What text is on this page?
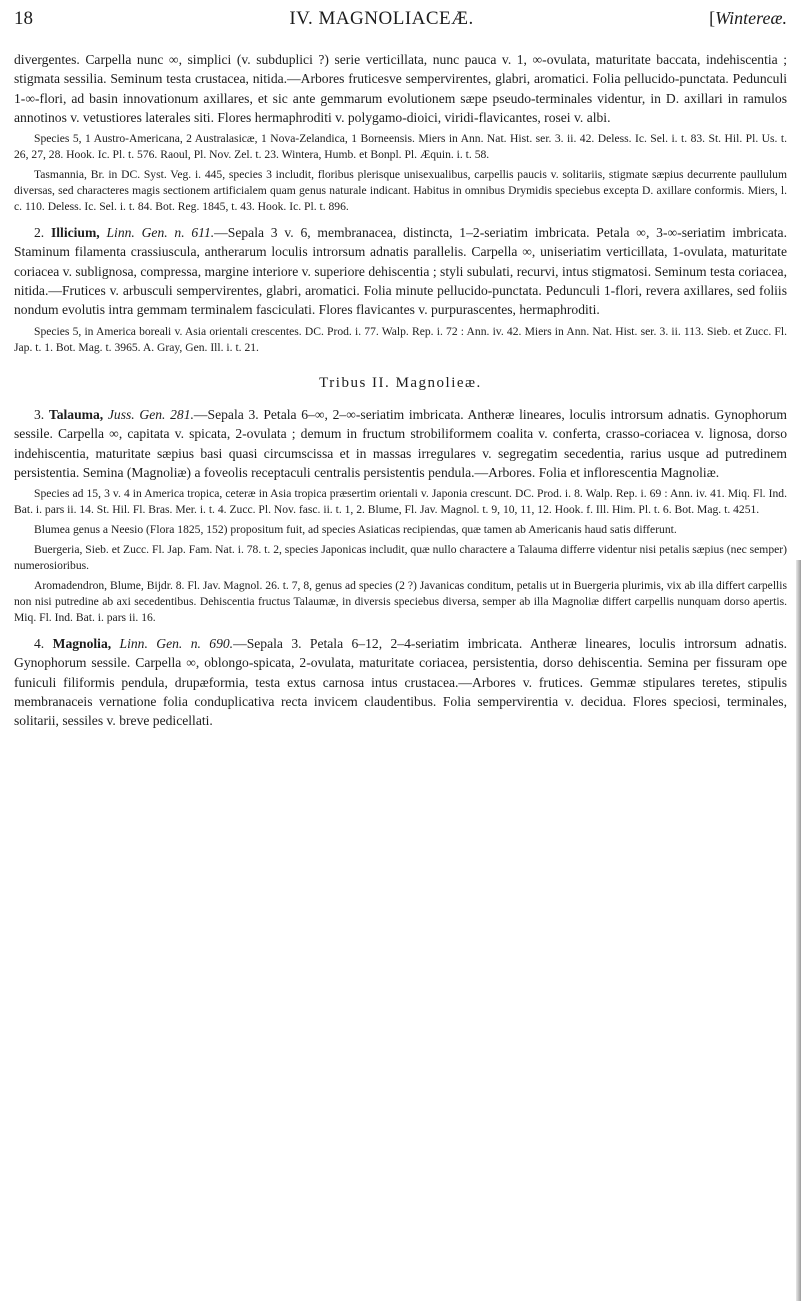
18	IV. MAGNOLIACEÆ.	[Wintereæ.

divergentes. Carpella nunc ∞, simplici (v. subduplici ?) serie verticillata, nunc pauca v. 1, ∞-ovulata, maturitate baccata, indehiscentia ; stigmata sessilia. Seminum testa crustacea, nitida.—Arbores fruticesve sempervirentes, glabri, aromatici. Folia pellucido-punctata. Pedunculi 1-∞-flori, ad basin innovationum axillares, et sic ante gemmarum evolutionem sæpe pseudo-terminales videntur, in D. axillari in ramulos annotinos v. vetustiores laterales siti. Flores hermaphroditi v. polygamo-dioici, viridi-flavicantes, rosei v. albi.

Species 5, 1 Austro-Americana, 2 Australasicæ, 1 Nova-Zelandica, 1 Borneensis. Miers in Ann. Nat. Hist. ser. 3. ii. 42. Deless. Ic. Sel. i. t. 83. St. Hil. Pl. Us. t. 26, 27, 28. Hook. Ic. Pl. t. 576. Raoul, Pl. Nov. Zel. t. 23. Wintera, Humb. et Bonpl. Pl. Æquin. i. t. 58.

Tasmannia, Br. in DC. Syst. Veg. i. 445, species 3 includit, floribus plerisque unisexualibus, carpellis paucis v. solitariis, stigmate sæpius decurrente paullulum diversas, sed characteres magis sectionem artificialem quam genus naturale indicant. Habitus in omnibus Drymidis speciebus excepta D. axillare conformis. Miers, l. c. 110. Deless. Ic. Sel. i. t. 84. Bot. Reg. 1845, t. 43. Hook. Ic. Pl. t. 896.

2. Illicium, Linn. Gen. n. 611.—Sepala 3 v. 6, membranacea, distincta, 1–2-seriatim imbricata. Petala ∞, 3-∞-seriatim imbricata. Staminum filamenta crassiuscula, antherarum loculis introrsum adnatis parallelis. Carpella ∞, uniseriatim verticillata, 1-ovulata, maturitate coriacea v. sublignosa, compressa, margine interiore v. superiore dehiscentia ; styli subulati, recurvi, intus stigmatosi. Seminum testa coriacea, nitida.—Frutices v. arbusculi sempervirentes, glabri, aromatici. Folia minute pellucido-punctata. Pedunculi 1-flori, revera axillares, sed foliis nondum evolutis intra gemmam terminalem fasciculati. Flores flavicantes v. purpurascentes, hermaphroditi.

Species 5, in America boreali v. Asia orientali crescentes. DC. Prod. i. 77. Walp. Rep. i. 72 : Ann. iv. 42. Miers in Ann. Nat. Hist. ser. 3. ii. 113. Sieb. et Zucc. Fl. Jap. t. 1. Bot. Mag. t. 3965. A. Gray, Gen. Ill. i. t. 21.

Tribus II. Magnolieæ.

3. Talauma, Juss. Gen. 281.—Sepala 3. Petala 6–∞, 2–∞-seriatim imbricata. Antheræ lineares, loculis introrsum adnatis. Gynophorum sessile. Carpella ∞, capitata v. spicata, 2-ovulata ; demum in fructum strobiliformem coalita v. conferta, crasso-coriacea v. lignosa, dorso indehiscentia, maturitate sæpius basi quasi circumscissa et in massas irregulares v. segregatim secedentia, rarius usque ad putredinem persistentia. Semina (Magnoliæ) a foveolis receptaculi centralis persistentis pendula.—Arbores. Folia et inflorescentia Magnoliæ.

Species ad 15, 3 v. 4 in America tropica, ceteræ in Asia tropica præsertim orientali v. Japonia crescunt. DC. Prod. i. 8. Walp. Rep. i. 69 : Ann. iv. 41. Miq. Fl. Ind. Bat. i. pars ii. 14. St. Hil. Fl. Bras. Mer. i. t. 4. Zucc. Pl. Nov. fasc. ii. t. 1, 2. Blume, Fl. Jav. Magnol. t. 9, 10, 11, 12. Hook. f. Ill. Him. Pl. t. 6. Bot. Mag. t. 4251.

Blumea genus a Neesio (Flora 1825, 152) propositum fuit, ad species Asiaticas recipiendas, quæ tamen ab Americanis haud satis differunt.

Buergeria, Sieb. et Zucc. Fl. Jap. Fam. Nat. i. 78. t. 2, species Japonicas includit, quæ nullo charactere a Talauma differre videntur nisi petalis sæpius (nec semper) numerosioribus.

Aromadendron, Blume, Bijdr. 8. Fl. Jav. Magnol. 26. t. 7, 8, genus ad species (2 ?) Javanicas conditum, petalis ut in Buergeria plurimis, vix ab illa differt carpellis non nisi putredine ab axi secedentibus. Dehiscentia fructus Talaumæ, in diversis speciebus diversa, semper ab illa Magnoliæ differt carpellis nunquam dorso apertis. Miq. Fl. Ind. Bat. i. pars ii. 16.

4. Magnolia, Linn. Gen. n. 690.—Sepala 3. Petala 6–12, 2–4-seriatim imbricata. Antheræ lineares, loculis introrsum adnatis. Gynophorum sessile. Carpella ∞, oblongo-spicata, 2-ovulata, maturitate coriacea, persistentia, dorso dehiscentia. Semina per fissuram ope funiculi filiformis pendula, drupæformia, testa extus carnosa intus crustacea.—Arbores v. frutices. Gemmæ stipulares teretes, stipulis membranaceis vernatione folia conduplicativa recta invicem claudentibus. Folia sempervirentia v. decidua. Flores speciosi, terminales, solitarii, sessiles v. breve pedicellati.
